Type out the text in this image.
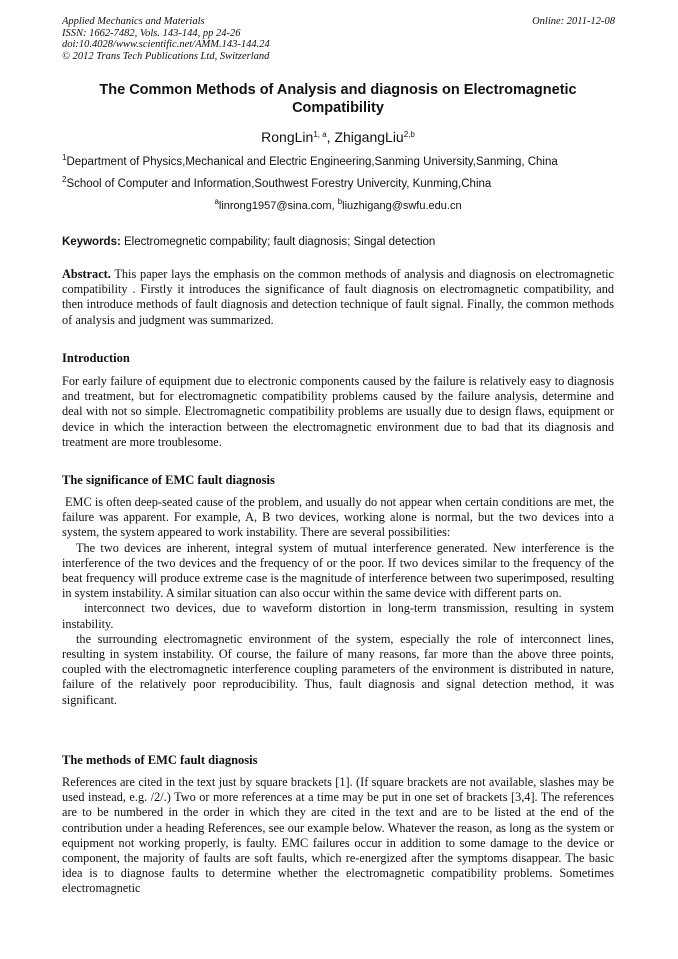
Applied Mechanics and Materials
ISSN: 1662-7482, Vols. 143-144, pp 24-26
doi:10.4028/www.scientific.net/AMM.143-144.24
© 2012 Trans Tech Publications Ltd, Switzerland
Online: 2011-12-08
The Common Methods of Analysis and diagnosis on Electromagnetic Compatibility
RongLin$^{1, a}$, ZhigangLiu$^{2,b}$
$^1$Department of Physics,Mechanical and Electric Engineering,Sanming University,Sanming, China
$^2$School of Computer and Information,Southwest Forestry Univercity, Kunming,China
$^a$linrong1957@sina.com, $^b$liuzhigang@swfu.edu.cn
Keywords: Electromegnetic compability; fault diagnosis; Singal detection

Abstract. This paper lays the emphasis on the common methods of analysis and diagnosis on electromagnetic compatibility . Firstly it introduces the significance of fault diagnosis on electromagnetic compatibility, and then introduce methods of fault diagnosis and detection technique of fault signal. Finally, the common methods of analysis and judgment was summarized.

Introduction

For early failure of equipment due to electronic components caused by the failure is relatively easy to diagnosis and treatment, but for electromagnetic compatibility problems caused by the failure analysis, determine and deal with not so simple. Electromagnetic compatibility problems are usually due to design flaws, equipment or device in which the interaction between the electromagnetic environment due to bad that its diagnosis and treatment are more troublesome.

The significance of EMC fault diagnosis

EMC is often deep-seated cause of the problem, and usually do not appear when certain conditions are met, the failure was apparent. For example, A, B two devices, working alone is normal, but the two devices into a system, the system appeared to work instability. There are several possibilities:

The two devices are inherent, integral system of mutual interference generated. New interference is the interference of the two devices and the frequency of or the poor. If two devices similar to the frequency of the beat frequency will produce extreme case is the magnitude of interference between two superimposed, resulting in system instability. A similar situation can also occur within the same device with different parts on.

interconnect two devices, due to waveform distortion in long-term transmission, resulting in system instability.

the surrounding electromagnetic environment of the system, especially the role of interconnect lines, resulting in system instability. Of course, the failure of many reasons, far more than the above three points, coupled with the electromagnetic interference coupling parameters of the environment is distributed in nature, failure of the relatively poor reproducibility. Thus, fault diagnosis and signal detection method, it was significant.

The methods of EMC fault diagnosis

References are cited in the text just by square brackets [1]. (If square brackets are not available, slashes may be used instead, e.g. /2/.) Two or more references at a time may be put in one set of brackets [3,4]. The references are to be numbered in the order in which they are cited in the text and are to be listed at the end of the contribution under a heading References, see our example below. Whatever the reason, as long as the system or equipment not working properly, is faulty. EMC failures occur in addition to some damage to the device or component, the majority of faults are soft faults, which re-energized after the symptoms disappear. The basic idea is to diagnose faults to determine whether the electromagnetic compatibility problems. Sometimes electromagnetic
